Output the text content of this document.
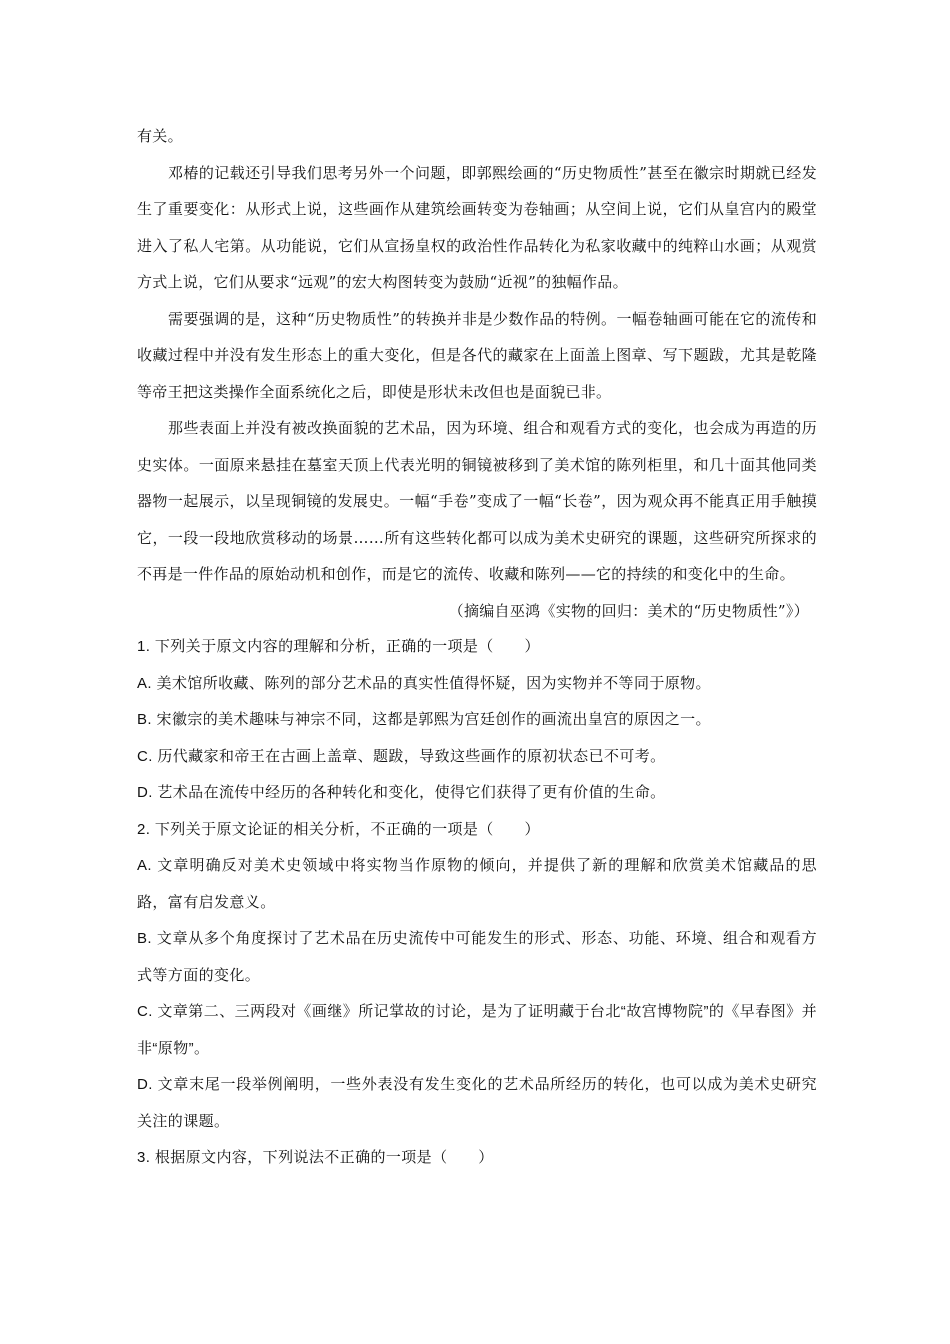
有关。

邓椿的记载还引导我们思考另外一个问题，即郭熙绘画的“历史物质性”甚至在徽宗时期就已经发生了重要变化：从形式上说，这些画作从建筑绘画转变为卷轴画；从空间上说，它们从皇宫内的殿堂进入了私人宅第。从功能说，它们从宣扬皇权的政治性作品转化为私家收藏中的纯粹山水画；从观赏方式上说，它们从要求“远观”的宏大构图转变为鼓励“近视”的独幅作品。

需要强调的是，这种“历史物质性”的转换并非是少数作品的特例。一幅卷轴画可能在它的流传和收藏过程中并没有发生形态上的重大变化，但是各代的藏家在上面盖上图章、写下题跋，尤其是乾隆等帝王把这类操作全面系统化之后，即使是形状未改但也是面貌已非。

那些表面上并没有被改换面貌的艺术品，因为环境、组合和观看方式的变化，也会成为再造的历史实体。一面原来悬挂在墓室天顶上代表光明的铜镜被移到了美术馆的陈列柜里，和几十面其他同类器物一起展示，以呈现铜镜的发展史。一幅“手卷”变成了一幅“长卷”，因为观众再不能真正用手触摸它，一段一段地欣赏移动的场景……所有这些转化都可以成为美术史研究的课题，这些研究所探求的不再是一件作品的原始动机和创作，而是它的流传、收藏和陈列——它的持续的和变化中的生命。

（摘编自巫鸿《实物的回归：美术的“历史物质性”》）

1. 下列关于原文内容的理解和分析，正确的一项是（　　）

A. 美术馆所收藏、陈列的部分艺术品的真实性值得怀疑，因为实物并不等同于原物。

B. 宋徽宗的美术趣味与神宗不同，这都是郭熙为宫廷创作的画流出皇宫的原因之一。

C. 历代藏家和帝王在古画上盖章、题跋，导致这些画作的原初状态已不可考。

D. 艺术品在流传中经历的各种转化和变化，使得它们获得了更有价值的生命。

2. 下列关于原文论证的相关分析，不正确的一项是（　　）

A. 文章明确反对美术史领域中将实物当作原物的倾向，并提供了新的理解和欣赏美术馆藏品的思路，富有启发意义。

B. 文章从多个角度探讨了艺术品在历史流传中可能发生的形式、形态、功能、环境、组合和观看方式等方面的变化。

C. 文章第二、三两段对《画继》所记掌故的讨论，是为了证明藏于台北“故宫博物院”的《早春图》并非“原物”。

D. 文章末尾一段举例阐明，一些外表没有发生变化的艺术品所经历的转化，也可以成为美术史研究关注的课题。

3. 根据原文内容，下列说法不正确的一项是（　　）
